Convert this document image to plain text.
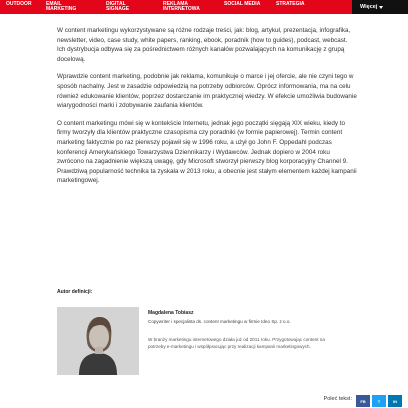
OUTDOOR	EMAIL MARKETING
DIGITAL SIGNAGE
REKLAMA INTERNETOWA
SOCIAL MEDIA	STRATEGIA	Więcej

W content marketingu wykorzystywane są różne rodzaje treści, jak: blog, artykuł, prezentacja, infografika, newsletter, video, case study, white papers, ranking, ebook, poradnik (how to guides), podcast, webcast. Ich dystrybucja odbywa się za pośrednictwem różnych kanałów pozwalających na komunikację z grupą docelową.

Wprawdzie content marketing, podobnie jak reklama, komunikuje o marce i jej ofercie, ale nie czyni tego w sposób nachalny. Jest w zasadzie odpowiedzią na potrzeby odbiorców. Oprócz informowania, ma na celu również edukowanie klientów, poprzez dostarczanie im praktycznej wiedzy. W efekcie umożliwia budowanie wiarygodności marki i zdobywanie zaufania klientów.

O content marketingu mówi się w kontekście Internetu, jednak jego początki sięgają XIX wieku, kiedy to firmy tworzyły dla klientów praktyczne czasopisma czy poradniki (w formie papierowej). Termin content marketing faktycznie po raz pierwszy pojawił się w 1996 roku, a użył go John F. Oppedahl podczas konferencji Amerykańskiego Towarzystwa Dziennikarzy i Wydawców. Jednak dopiero w 2004 roku zwrócono na zagadnienie większą uwagę, gdy Microsoft stworzył pierwszy blog korporacyjny Channel 9. Prawdziwą popularność technika ta zyskała w 2013 roku, a obecnie jest stałym elementem każdej kampanii marketingowej.

Autor definicji:
Magdalena Tobiasz
Copywriter i specjalista ds. content marketingu w firmie Ideo Sp. z o.o.
W branży marketingu internetowego działa już od 2011 roku. Przygotowując content na potrzeby e-marketingu i współpracując przy realizacji kampanii marketingowych.
Poleć tekst: FB	T	IN
